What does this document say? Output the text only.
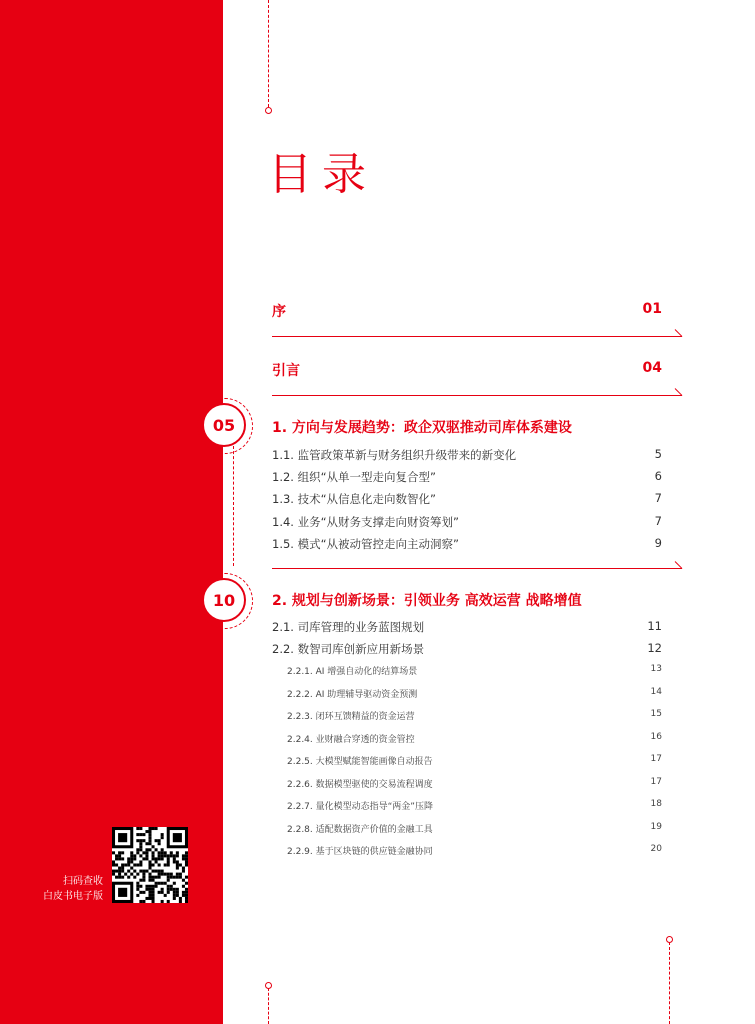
目录
序	01
引言	04
05	1. 方向与发展趋势：政企双驱推动司库体系建设
1.1. 监管政策革新与财务组织升级带来的新变化	5
1.2. 组织“从单一型走向复合型”	6
1.3. 技术“从信息化走向数智化”	7
1.4. 业务“从财务支撑走向财资筹划”	7
1.5. 模式“从被动管控走向主动洞察”	9
10	2. 规划与创新场景：引领业务 高效运营 战略增值
2.1. 司库管理的业务蓝图规划	11
2.2. 数智司库创新应用新场景	12
2.2.1. AI 增强自动化的结算场景	13
2.2.2. AI 助理辅导驱动资金预测	14
2.2.3. 闭环互馈精益的资金运营	15
2.2.4. 业财融合穿透的资金管控	16
2.2.5. 大模型赋能智能画像自动报告	17
2.2.6. 数据模型驱使的交易流程调度	17
2.2.7. 量化模型动态指导“两金”压降	18
2.2.8. 适配数据资产价值的金融工具	19
2.2.9. 基于区块链的供应链金融协同	20
扫码查收
白皮书电子版
